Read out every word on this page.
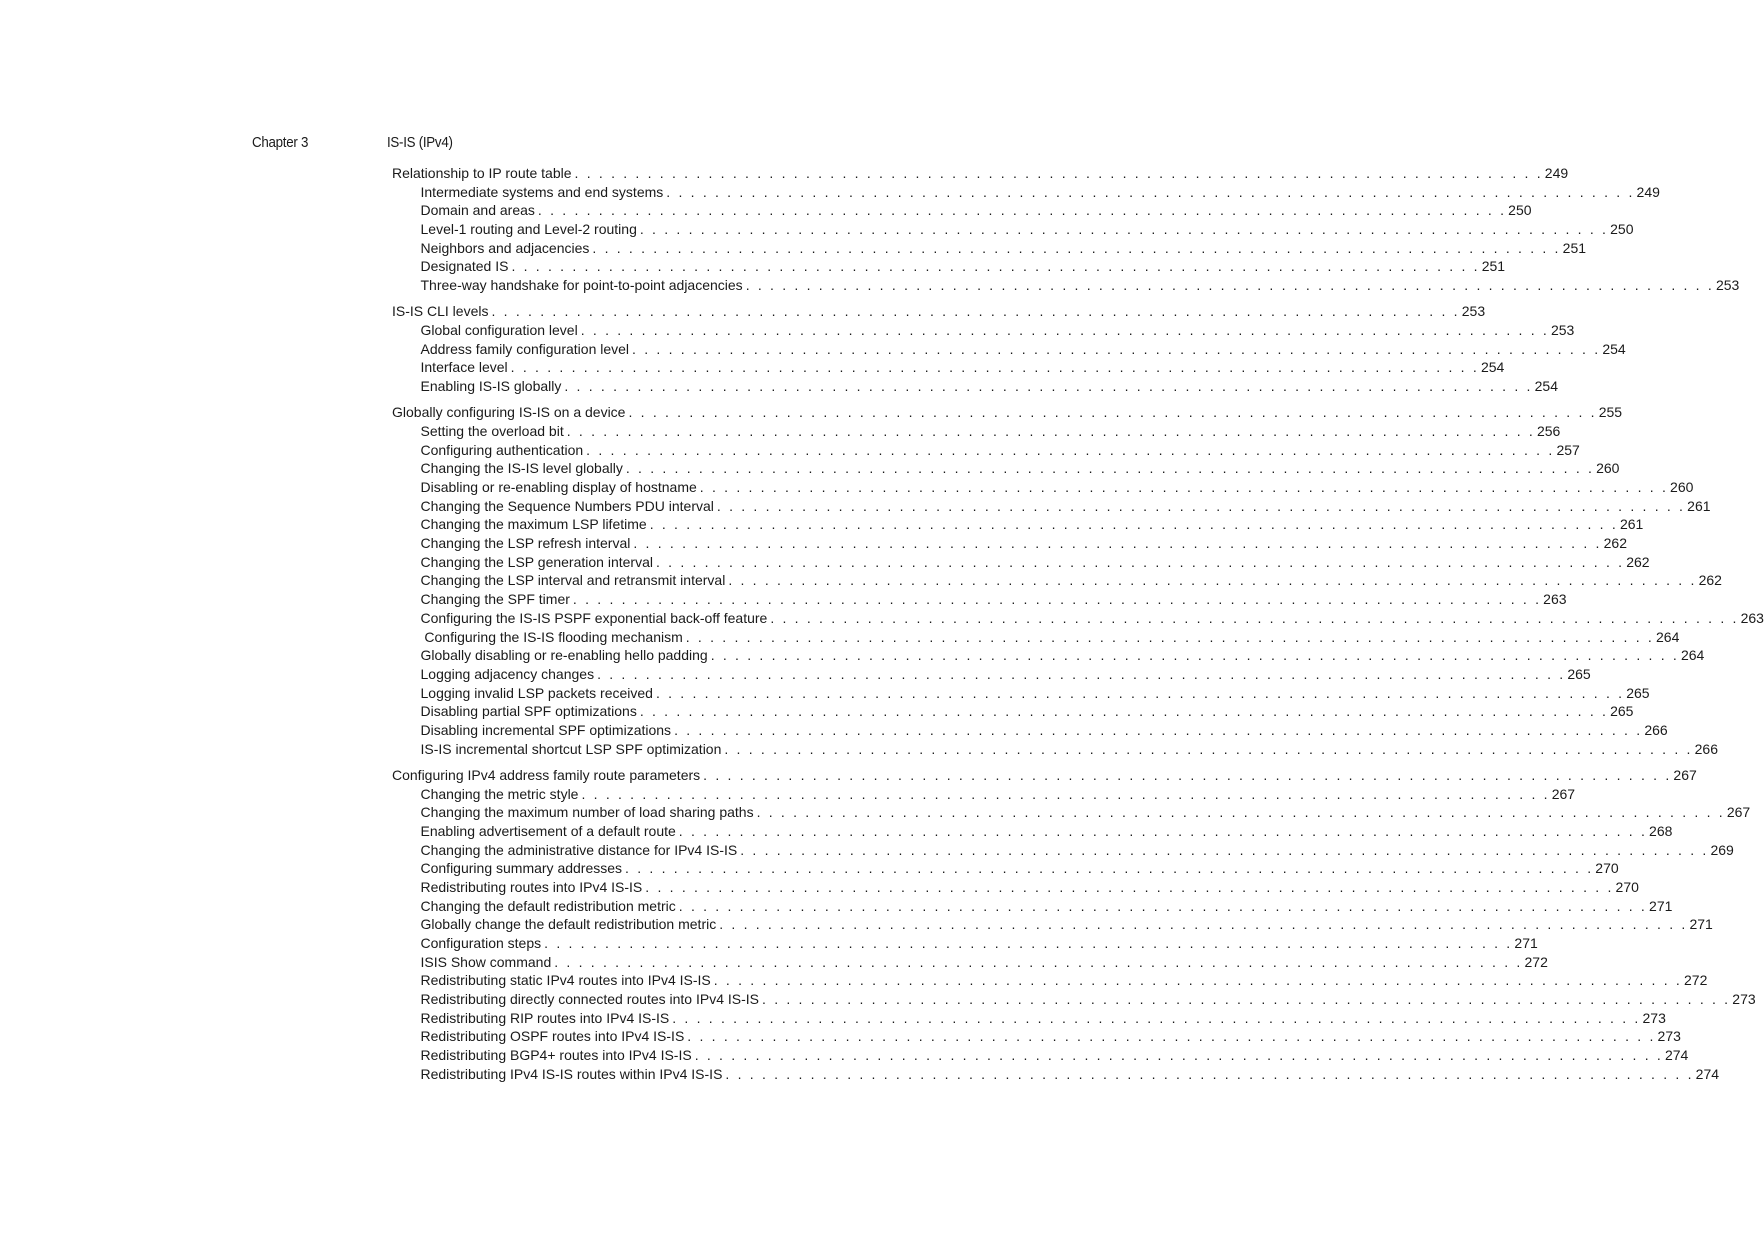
Chapter 3	IS-IS (IPv4)
Relationship to IP route table . . . . . . . . . . . . . . . . . . . . . . . . . . . . . . . . . . . . . . . . . . . . . . . . . . . . . . . . . . . . . . . . . . . . . . . . . . . . . . . . 249
Intermediate systems and end systems . . . . . . . . . . . . . . . . . . . . . . . . . . . . . . . . . . . . . . . . . . . . . . . . . . . . . . . . . . . . . . . . . . . . . . . . . . . . . . . . 249
Domain and areas . . . . . . . . . . . . . . . . . . . . . . . . . . . . . . . . . . . . . . . . . . . . . . . . . . . . . . . . . . . . . . . . . . . . . . . . . . . . . . . . 250
Level-1 routing and Level-2 routing . . . . . . . . . . . . . . . . . . . . . . . . . . . . . . . . . . . . . . . . . . . . . . . . . . . . . . . . . . . . . . . . . . . . . . . . . . . . . . . . 250
Neighbors and adjacencies . . . . . . . . . . . . . . . . . . . . . . . . . . . . . . . . . . . . . . . . . . . . . . . . . . . . . . . . . . . . . . . . . . . . . . . . . . . . . . . . 251
Designated IS . . . . . . . . . . . . . . . . . . . . . . . . . . . . . . . . . . . . . . . . . . . . . . . . . . . . . . . . . . . . . . . . . . . . . . . . . . . . . . . . 251
Three-way handshake for point-to-point adjacencies . . . . . . . . . . . . . . . . . . . . . . . . . . . . . . . . . . . . . . . . . . . . . . . . . . . . . . . . . . . . . . . . . . . . . . . . . . . . . . . . 253
IS-IS CLI levels . . . . . . . . . . . . . . . . . . . . . . . . . . . . . . . . . . . . . . . . . . . . . . . . . . . . . . . . . . . . . . . . . . . . . . . . . . . . . . . . 253
Global configuration level . . . . . . . . . . . . . . . . . . . . . . . . . . . . . . . . . . . . . . . . . . . . . . . . . . . . . . . . . . . . . . . . . . . . . . . . . . . . . . . . 253
Address family configuration level . . . . . . . . . . . . . . . . . . . . . . . . . . . . . . . . . . . . . . . . . . . . . . . . . . . . . . . . . . . . . . . . . . . . . . . . . . . . . . . . 254
Interface level . . . . . . . . . . . . . . . . . . . . . . . . . . . . . . . . . . . . . . . . . . . . . . . . . . . . . . . . . . . . . . . . . . . . . . . . . . . . . . . . 254
Enabling IS-IS globally . . . . . . . . . . . . . . . . . . . . . . . . . . . . . . . . . . . . . . . . . . . . . . . . . . . . . . . . . . . . . . . . . . . . . . . . . . . . . . . . 254
Globally configuring IS-IS on a device . . . . . . . . . . . . . . . . . . . . . . . . . . . . . . . . . . . . . . . . . . . . . . . . . . . . . . . . . . . . . . . . . . . . . . . . . . . . . . . . 255
Setting the overload bit . . . . . . . . . . . . . . . . . . . . . . . . . . . . . . . . . . . . . . . . . . . . . . . . . . . . . . . . . . . . . . . . . . . . . . . . . . . . . . . . 256
Configuring authentication . . . . . . . . . . . . . . . . . . . . . . . . . . . . . . . . . . . . . . . . . . . . . . . . . . . . . . . . . . . . . . . . . . . . . . . . . . . . . . . . 257
Changing the IS-IS level globally . . . . . . . . . . . . . . . . . . . . . . . . . . . . . . . . . . . . . . . . . . . . . . . . . . . . . . . . . . . . . . . . . . . . . . . . . . . . . . . . 260
Disabling or re-enabling display of hostname . . . . . . . . . . . . . . . . . . . . . . . . . . . . . . . . . . . . . . . . . . . . . . . . . . . . . . . . . . . . . . . . . . . . . . . . . . . . . . . . 260
Changing the Sequence Numbers PDU interval . . . . . . . . . . . . . . . . . . . . . . . . . . . . . . . . . . . . . . . . . . . . . . . . . . . . . . . . . . . . . . . . . . . . . . . . . . . . . . . . 261
Changing the maximum LSP lifetime . . . . . . . . . . . . . . . . . . . . . . . . . . . . . . . . . . . . . . . . . . . . . . . . . . . . . . . . . . . . . . . . . . . . . . . . . . . . . . . . 261
Changing the LSP refresh interval . . . . . . . . . . . . . . . . . . . . . . . . . . . . . . . . . . . . . . . . . . . . . . . . . . . . . . . . . . . . . . . . . . . . . . . . . . . . . . . . 262
Changing the LSP generation interval . . . . . . . . . . . . . . . . . . . . . . . . . . . . . . . . . . . . . . . . . . . . . . . . . . . . . . . . . . . . . . . . . . . . . . . . . . . . . . . . 262
Changing the LSP interval and retransmit interval . . . . . . . . . . . . . . . . . . . . . . . . . . . . . . . . . . . . . . . . . . . . . . . . . . . . . . . . . . . . . . . . . . . . . . . . . . . . . . . . 262
Changing the SPF timer . . . . . . . . . . . . . . . . . . . . . . . . . . . . . . . . . . . . . . . . . . . . . . . . . . . . . . . . . . . . . . . . . . . . . . . . . . . . . . . . 263
Configuring the IS-IS PSPF exponential back-off feature . . . . . . . . . . . . . . . . . . . . . . . . . . . . . . . . . . . . . . . . . . . . . . . . . . . . . . . . . . . . . . . . . . . . . . . . . . . . . . . . 263
Configuring the IS-IS flooding mechanism . . . . . . . . . . . . . . . . . . . . . . . . . . . . . . . . . . . . . . . . . . . . . . . . . . . . . . . . . . . . . . . . . . . . . . . . . . . . . . . . 264
Globally disabling or re-enabling hello padding . . . . . . . . . . . . . . . . . . . . . . . . . . . . . . . . . . . . . . . . . . . . . . . . . . . . . . . . . . . . . . . . . . . . . . . . . . . . . . . . 264
Logging adjacency changes . . . . . . . . . . . . . . . . . . . . . . . . . . . . . . . . . . . . . . . . . . . . . . . . . . . . . . . . . . . . . . . . . . . . . . . . . . . . . . . . 265
Logging invalid LSP packets received . . . . . . . . . . . . . . . . . . . . . . . . . . . . . . . . . . . . . . . . . . . . . . . . . . . . . . . . . . . . . . . . . . . . . . . . . . . . . . . . 265
Disabling partial SPF optimizations . . . . . . . . . . . . . . . . . . . . . . . . . . . . . . . . . . . . . . . . . . . . . . . . . . . . . . . . . . . . . . . . . . . . . . . . . . . . . . . . 265
Disabling incremental SPF optimizations . . . . . . . . . . . . . . . . . . . . . . . . . . . . . . . . . . . . . . . . . . . . . . . . . . . . . . . . . . . . . . . . . . . . . . . . . . . . . . . . 266
IS-IS incremental shortcut LSP SPF optimization . . . . . . . . . . . . . . . . . . . . . . . . . . . . . . . . . . . . . . . . . . . . . . . . . . . . . . . . . . . . . . . . . . . . . . . . . . . . . . . . 266
Configuring IPv4 address family route parameters . . . . . . . . . . . . . . . . . . . . . . . . . . . . . . . . . . . . . . . . . . . . . . . . . . . . . . . . . . . . . . . . . . . . . . . . . . . . . . . . 267
Changing the metric style . . . . . . . . . . . . . . . . . . . . . . . . . . . . . . . . . . . . . . . . . . . . . . . . . . . . . . . . . . . . . . . . . . . . . . . . . . . . . . . . 267
Changing the maximum number of load sharing paths . . . . . . . . . . . . . . . . . . . . . . . . . . . . . . . . . . . . . . . . . . . . . . . . . . . . . . . . . . . . . . . . . . . . . . . . . . . . . . . . 267
Enabling advertisement of a default route . . . . . . . . . . . . . . . . . . . . . . . . . . . . . . . . . . . . . . . . . . . . . . . . . . . . . . . . . . . . . . . . . . . . . . . . . . . . . . . . 268
Changing the administrative distance for IPv4 IS-IS . . . . . . . . . . . . . . . . . . . . . . . . . . . . . . . . . . . . . . . . . . . . . . . . . . . . . . . . . . . . . . . . . . . . . . . . . . . . . . . . 269
Configuring summary addresses . . . . . . . . . . . . . . . . . . . . . . . . . . . . . . . . . . . . . . . . . . . . . . . . . . . . . . . . . . . . . . . . . . . . . . . . . . . . . . . . 270
Redistributing routes into IPv4 IS-IS . . . . . . . . . . . . . . . . . . . . . . . . . . . . . . . . . . . . . . . . . . . . . . . . . . . . . . . . . . . . . . . . . . . . . . . . . . . . . . . . 270
Changing the default redistribution metric . . . . . . . . . . . . . . . . . . . . . . . . . . . . . . . . . . . . . . . . . . . . . . . . . . . . . . . . . . . . . . . . . . . . . . . . . . . . . . . . 271
Globally change the default redistribution metric . . . . . . . . . . . . . . . . . . . . . . . . . . . . . . . . . . . . . . . . . . . . . . . . . . . . . . . . . . . . . . . . . . . . . . . . . . . . . . . . 271
Configuration steps . . . . . . . . . . . . . . . . . . . . . . . . . . . . . . . . . . . . . . . . . . . . . . . . . . . . . . . . . . . . . . . . . . . . . . . . . . . . . . . . 271
ISIS Show command . . . . . . . . . . . . . . . . . . . . . . . . . . . . . . . . . . . . . . . . . . . . . . . . . . . . . . . . . . . . . . . . . . . . . . . . . . . . . . . . 272
Redistributing static IPv4 routes into IPv4 IS-IS . . . . . . . . . . . . . . . . . . . . . . . . . . . . . . . . . . . . . . . . . . . . . . . . . . . . . . . . . . . . . . . . . . . . . . . . . . . . . . . . 272
Redistributing directly connected routes into IPv4 IS-IS . . . . . . . . . . . . . . . . . . . . . . . . . . . . . . . . . . . . . . . . . . . . . . . . . . . . . . . . . . . . . . . . . . . . . . . . . . . . . . . . 273
Redistributing RIP routes into IPv4 IS-IS . . . . . . . . . . . . . . . . . . . . . . . . . . . . . . . . . . . . . . . . . . . . . . . . . . . . . . . . . . . . . . . . . . . . . . . . . . . . . . . . 273
Redistributing OSPF routes into IPv4 IS-IS . . . . . . . . . . . . . . . . . . . . . . . . . . . . . . . . . . . . . . . . . . . . . . . . . . . . . . . . . . . . . . . . . . . . . . . . . . . . . . . . 273
Redistributing BGP4+ routes into IPv4 IS-IS . . . . . . . . . . . . . . . . . . . . . . . . . . . . . . . . . . . . . . . . . . . . . . . . . . . . . . . . . . . . . . . . . . . . . . . . . . . . . . . . 274
Redistributing IPv4 IS-IS routes within IPv4 IS-IS . . . . . . . . . . . . . . . . . . . . . . . . . . . . . . . . . . . . . . . . . . . . . . . . . . . . . . . . . . . . . . . . . . . . . . . . . . . . . . . . 274
